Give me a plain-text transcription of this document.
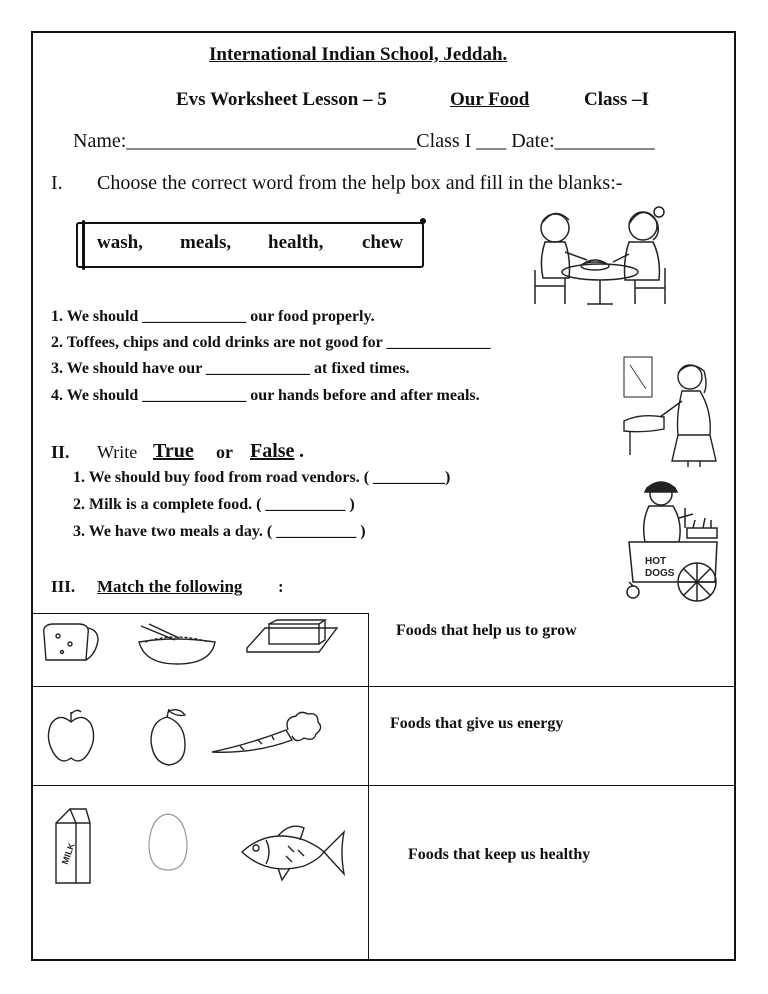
International Indian School, Jeddah.
Evs Worksheet Lesson – 5	Our Food	Class –I
Name:_____________________________Class I ___ Date:__________
I. Choose the correct word from the help box and fill in the blanks:-
wash, meals, health, chew
1. We should _____________ our food properly.
2. Toffees, chips and cold drinks are not good for _____________
3. We should have our _____________ at fixed times.
4. We should _____________ our hands before and after meals.
II. Write True or False .
1. We should buy food from road vendors. ( _________)
2. Milk is a complete food. ( __________ )
3. We have two meals a day. ( __________ )
HOT
DOGS
III. Match the following :
MILK
Foods that help us to grow
Foods that give us energy
Foods that keep us healthy
